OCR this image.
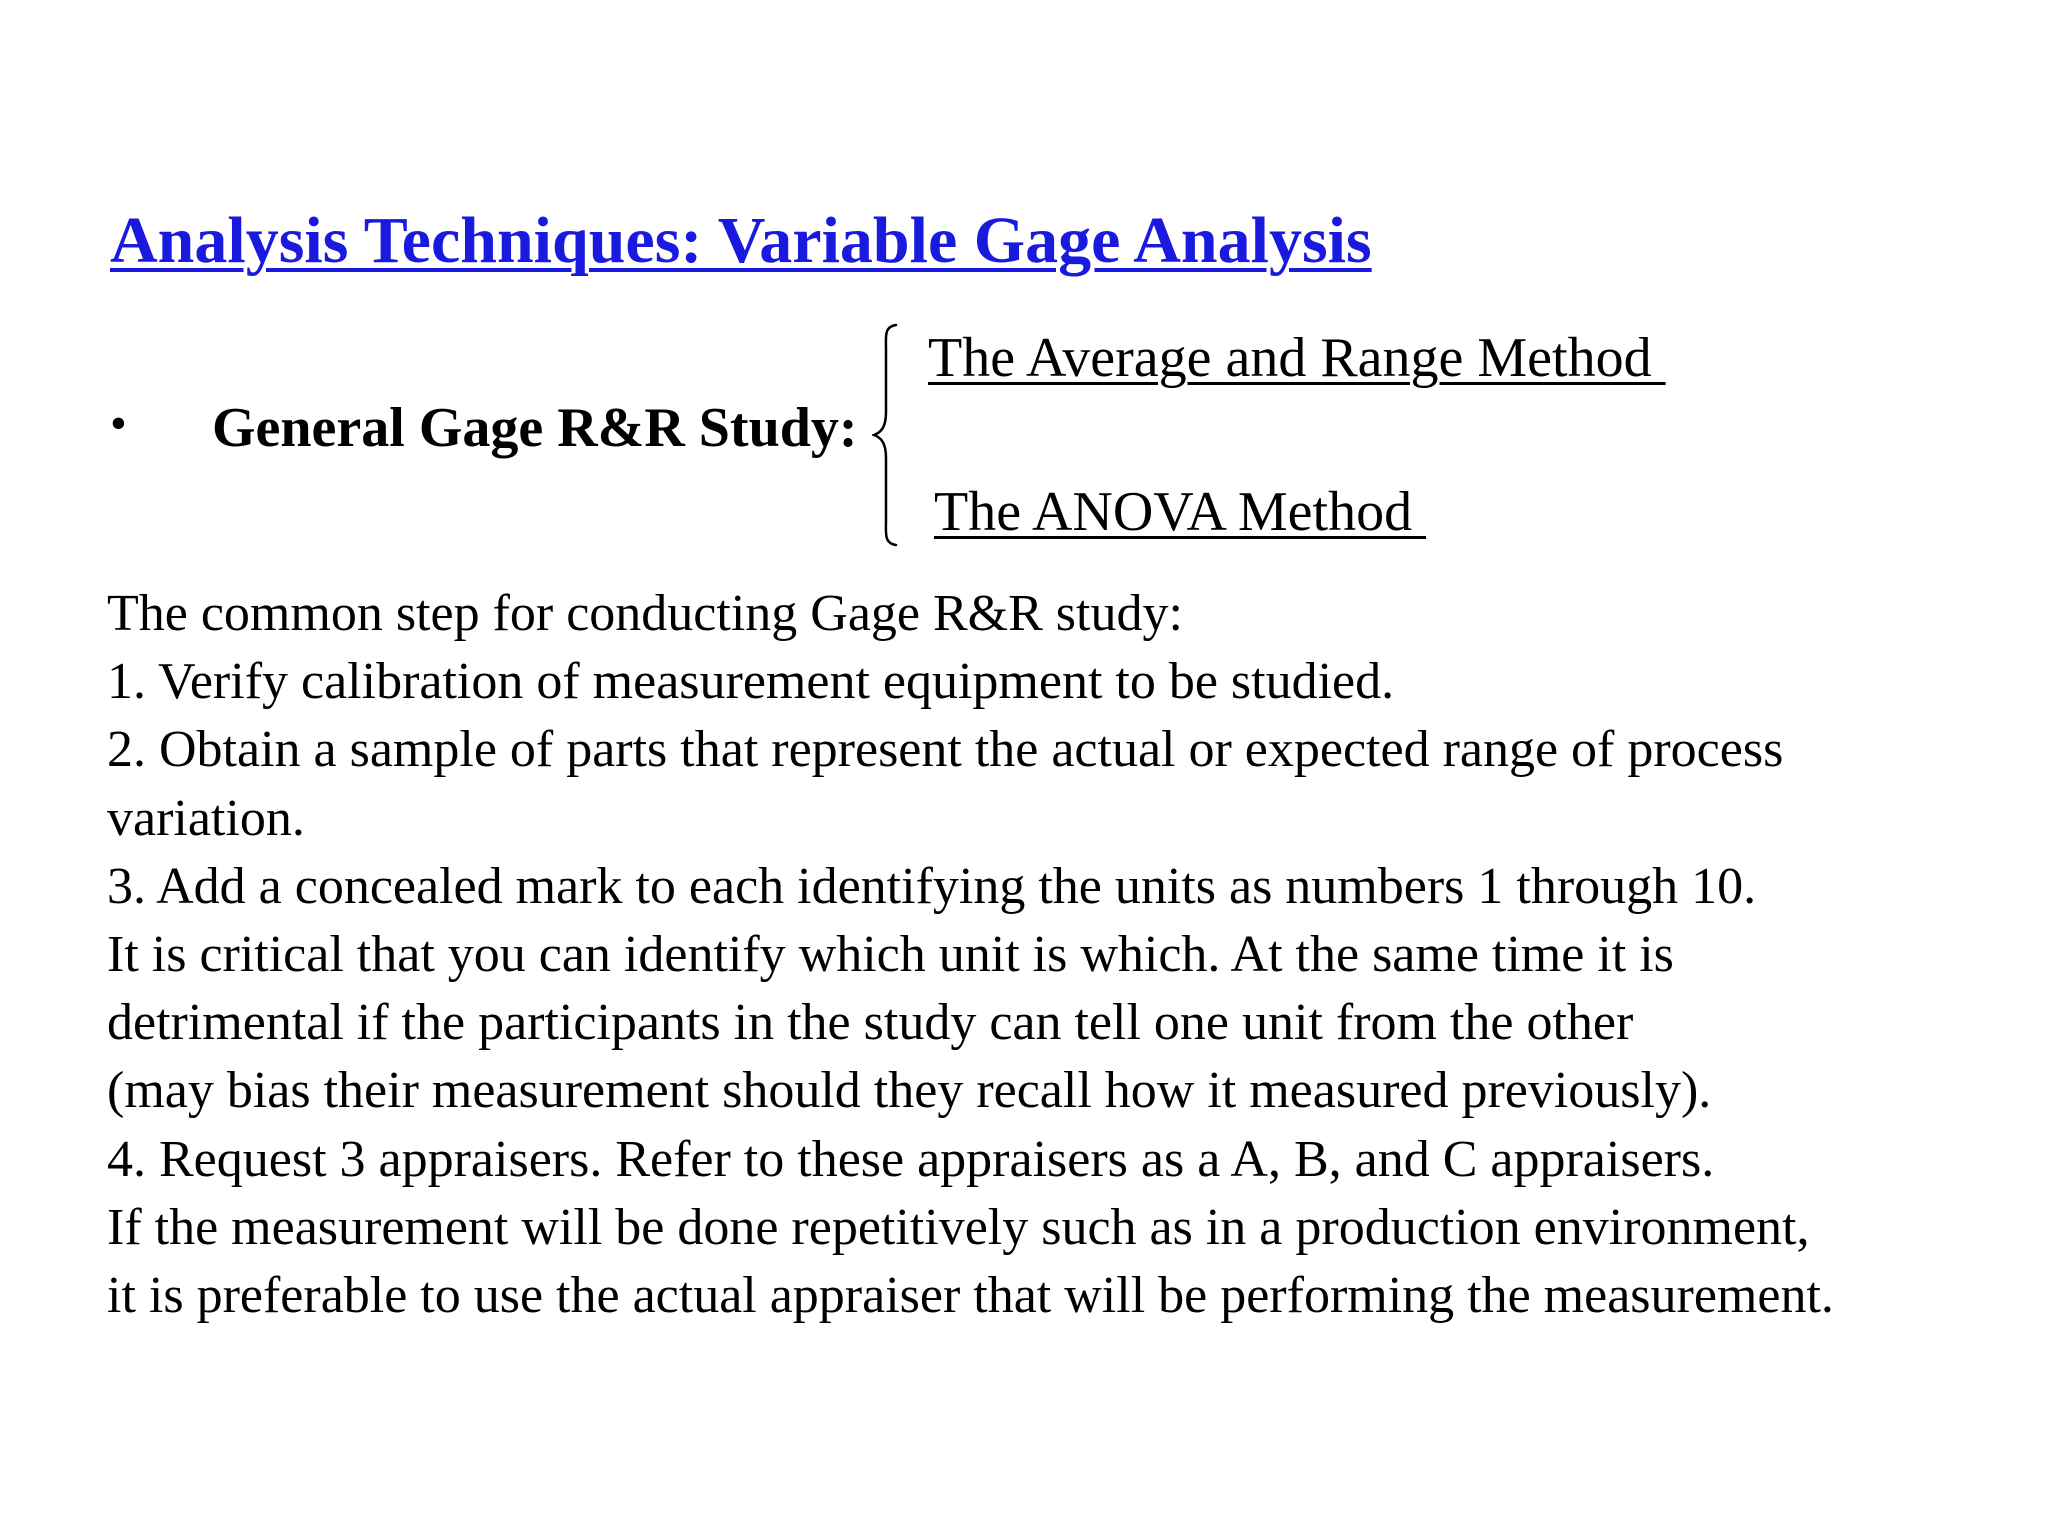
Analysis Techniques: Variable Gage Analysis
• General Gage R&R Study:
The Average and Range Method
The ANOVA Method
The common step for conducting Gage R&R study:
1. Verify calibration of measurement equipment to be studied.
2. Obtain a sample of parts that represent the actual or expected range of process
variation.
3. Add a concealed mark to each identifying the units as numbers 1 through 10.
It is critical that you can identify which unit is which. At the same time it is
detrimental if the participants in the study can tell one unit from the other
(may bias their measurement should they recall how it measured previously).
4. Request 3 appraisers. Refer to these appraisers as a A, B, and C appraisers.
If the measurement will be done repetitively such as in a production environment,
it is preferable to use the actual appraiser that will be performing the measurement.
